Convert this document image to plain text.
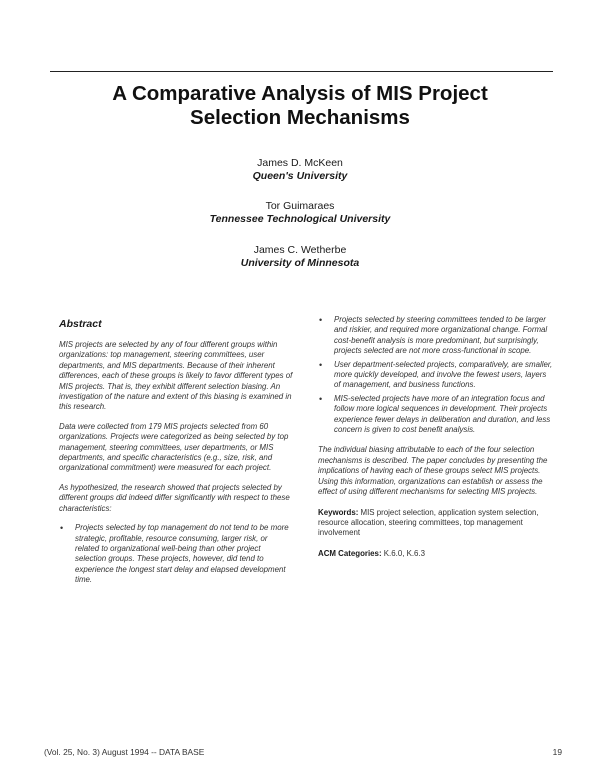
A Comparative Analysis of MIS Project
Selection Mechanisms
James D. McKeen
Queen's University
Tor Guimaraes
Tennessee Technological University
James C. Wetherbe
University of Minnesota
Abstract

MIS projects are selected by any of four different groups within organizations: top management, steering committees, user departments, and MIS departments. Because of their inherent differences, each of these groups is likely to favor different types of MIS projects. That is, they exhibit different selection biasing. An investigation of the nature and extent of this biasing is examined in this research.

Data were collected from 179 MIS projects selected from 60 organizations. Projects were categorized as being selected by top management, steering committees, user departments, or MIS departments, and specific characteristics (e.g., size, risk, and organizational commitment) were measured for each project.

As hypothesized, the research showed that projects selected by different groups did indeed differ significantly with respect to these characteristics:

• Projects selected by top management do not tend to be more strategic, profitable, resource consuming, larger risk, or related to organizational well-being than other project selection groups. These projects, however, did tend to experience the longest start delay and elapsed development time.
• Projects selected by steering committees tended to be larger and riskier, and required more organizational change. Formal cost-benefit analysis is more predominant, but surprisingly, projects selected are not more cross-functional in scope.
• User department-selected projects, comparatively, are smaller, more quickly developed, and involve the fewest users, layers of management, and business functions.
• MIS-selected projects have more of an integration focus and follow more logical sequences in development. Their projects experience fewer delays in deliberation and duration, and less concern is given to cost benefit analysis.

The individual biasing attributable to each of the four selection mechanisms is described. The paper concludes by presenting the implications of having each of these groups select MIS projects. Using this information, organizations can establish or assess the effect of using different mechanisms for selecting MIS projects.

Keywords: MIS project selection, application system selection, resource allocation, steering committees, top management involvement

ACM Categories: K.6.0, K.6.3

(Vol. 25, No. 3) August 1994 -- DATA BASE	19
